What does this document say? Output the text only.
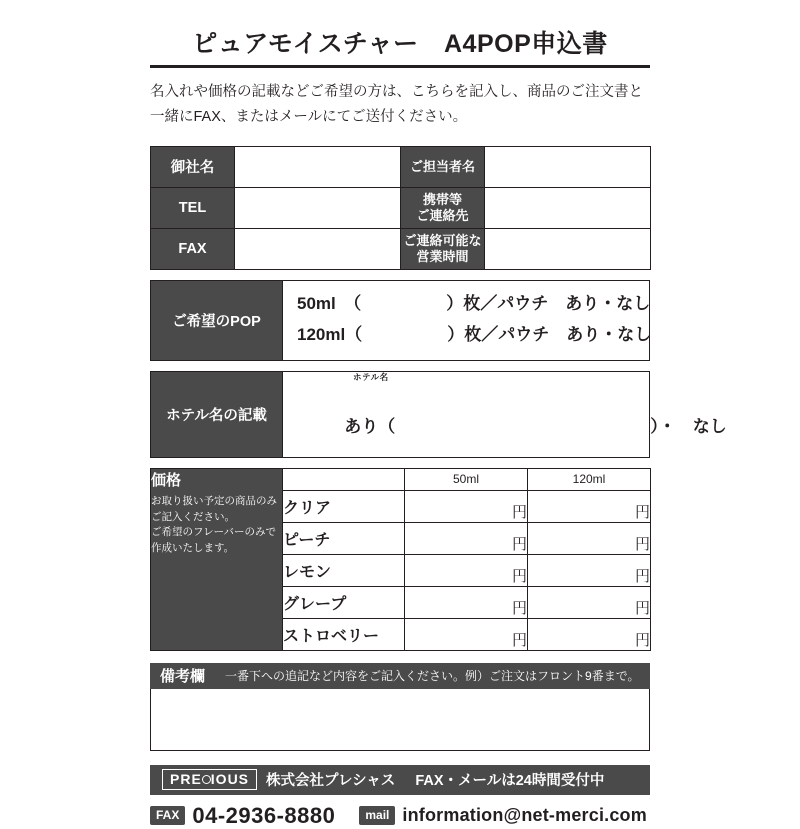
ピュアモイスチャー　A4POP申込書
名入れや価格の記載などご希望の方は、こちらを記入し、商品のご注文書と
一緒にFAX、またはメールにてご送付ください。
御社名		ご担当者名	
TEL		携帯等
ご連絡先	

FAX		ご連絡可能な
営業時間	

ご希望のPOP	
50ml　（　　　　　）枚／パウチ　あり・なし
120ml（　　　　　）枚／パウチ　あり・なし
ホテル名の記載	

ホテル名

あり（　　　　　　　　　　　　　　　）・　なし

価格
お取り扱い予定の商品のみ
ご記入ください。
ご希望のフレーバーのみで
作成いたします。		50ml	120ml
	クリア	円	円
	ピーチ	円	円
	レモン	円	円
	グレープ	円	円
	ストロベリー	円	円
備考欄 一番下への追記など内容をご記入ください。例）ご注文はフロント9番まで。
PRE IOUS	株式会社プレシャス FAX・メールは24時間受付中
FAX 04-2936-8880	mail information@net-merci.com
